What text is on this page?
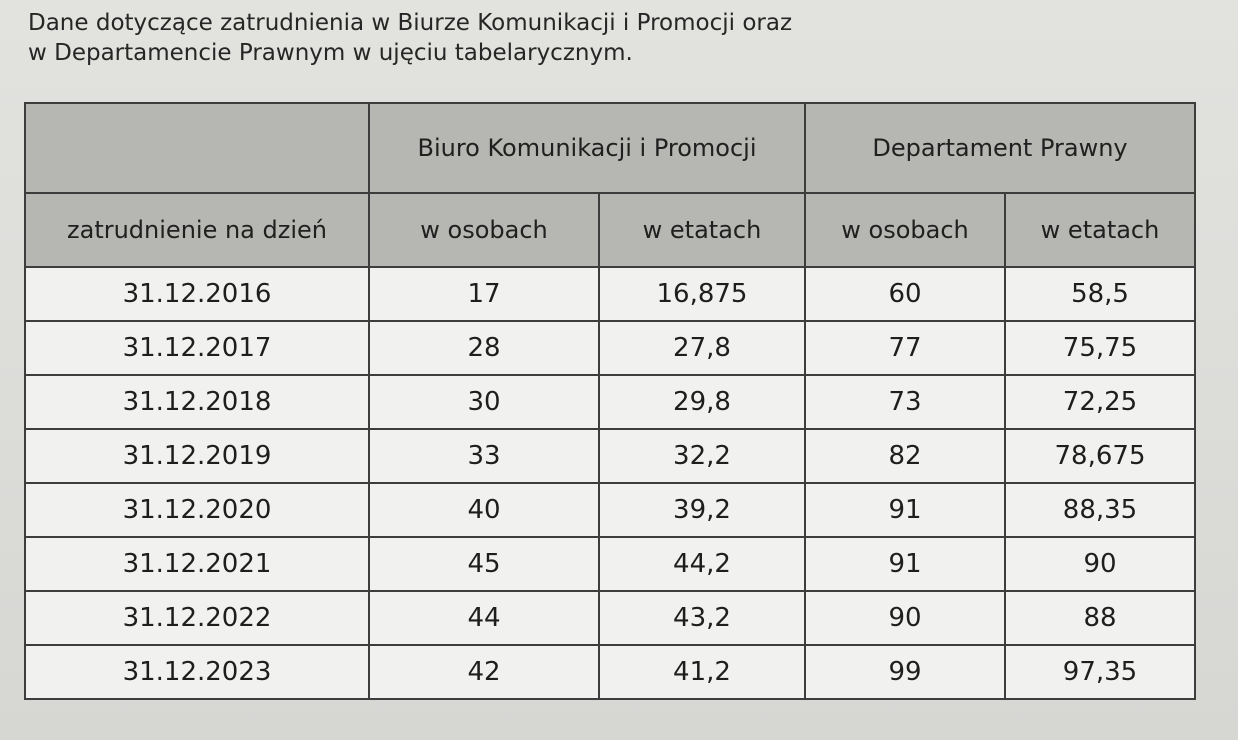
Dane dotyczące zatrudnienia w Biurze Komunikacji i Promocji oraz
w Departamencie Prawnym w ujęciu tabelarycznym.
	Biuro Komunikacji i Promocji		Departament Prawny	
zatrudnienie na dzień	w osobach	w etatach	w osobach	w etatach
31.12.2016	17	16,875	60	58,5
31.12.2017	28	27,8	77	75,75
31.12.2018	30	29,8	73	72,25
31.12.2019	33	32,2	82	78,675
31.12.2020	40	39,2	91	88,35
31.12.2021	45	44,2	91	90
31.12.2022	44	43,2	90	88
31.12.2023	42	41,2	99	97,35
